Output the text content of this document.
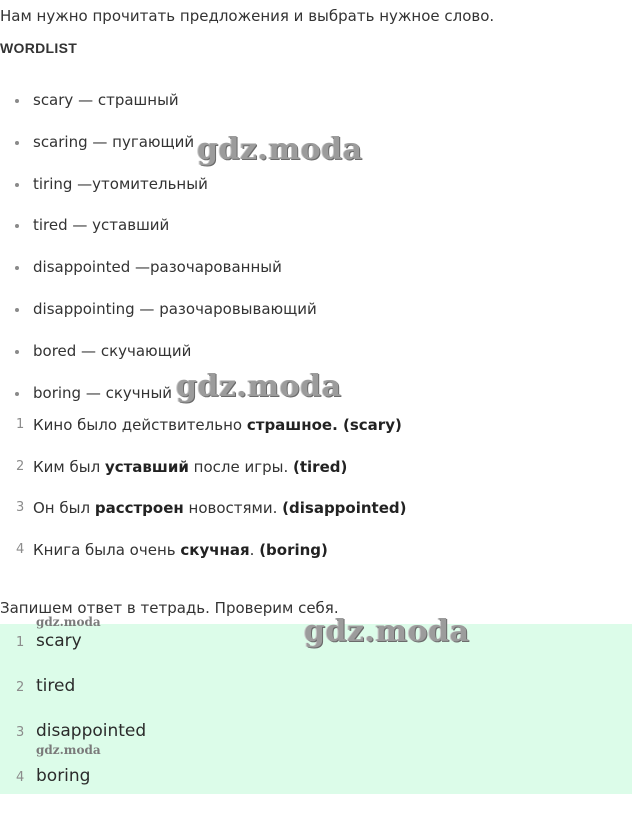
Нам нужно прочитать предложения и выбрать нужное слово.
WORDLIST
scary — страшный
scaring — пугающий
tiring —утомительный
tired — уставший
disappointed —разочарованный
disappointing — разочаровывающий
bored — скучающий
boring — скучный
1 Кино было действительно страшное. (scary)
2 Ким был уставший после игры. (tired)
3 Он был расстроен новостями. (disappointed)
4 Книга была очень скучная. (boring)
Запишем ответ в тетрадь. Проверим себя.
1 scary
2 tired
3 disappointed
4 boring
gdz.moda
gdz.moda
gdz.moda
gdz.moda
gdz.moda
